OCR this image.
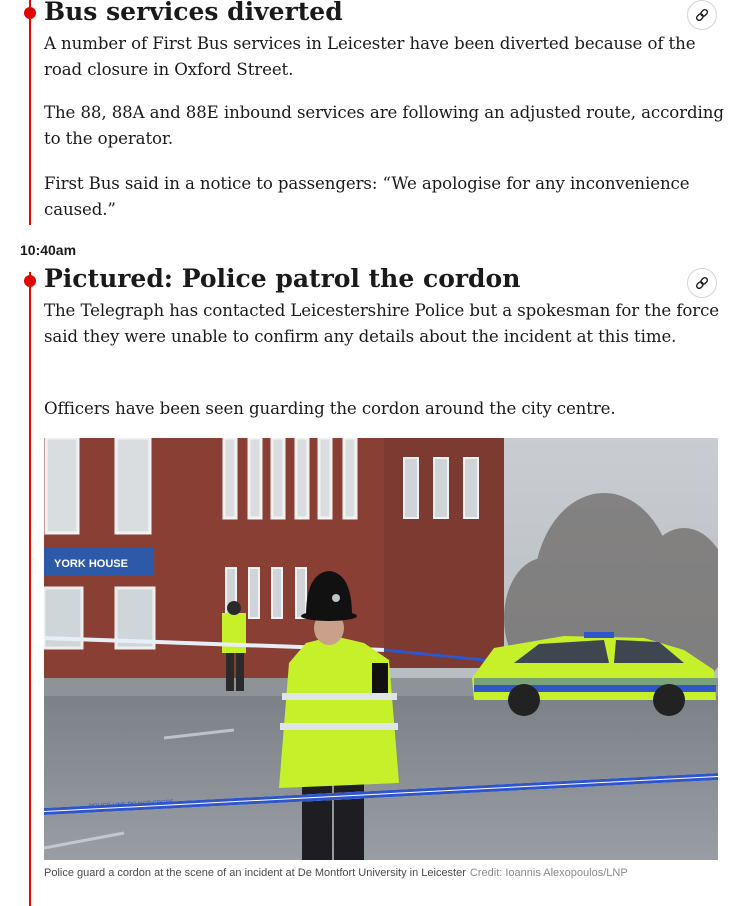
Bus services diverted

A number of First Bus services in Leicester have been diverted because of the road closure in Oxford Street.

The 88, 88A and 88E inbound services are following an adjusted route, according to the operator.

First Bus said in a notice to passengers: “We apologise for any inconvenience caused.”

10:40am
Pictured: Police patrol the cordon

The Telegraph has contacted Leicestershire Police but a spokesman for the force said they were unable to confirm any details about the incident at this time.

Officers have been seen guarding the cordon around the city centre.

YORK HOUSE
POLICE LINE DO NOT CROSS

Police guard a cordon at the scene of an incident at De Montfort University in Leicester Credit: Ioannis Alexopoulos/LNP
